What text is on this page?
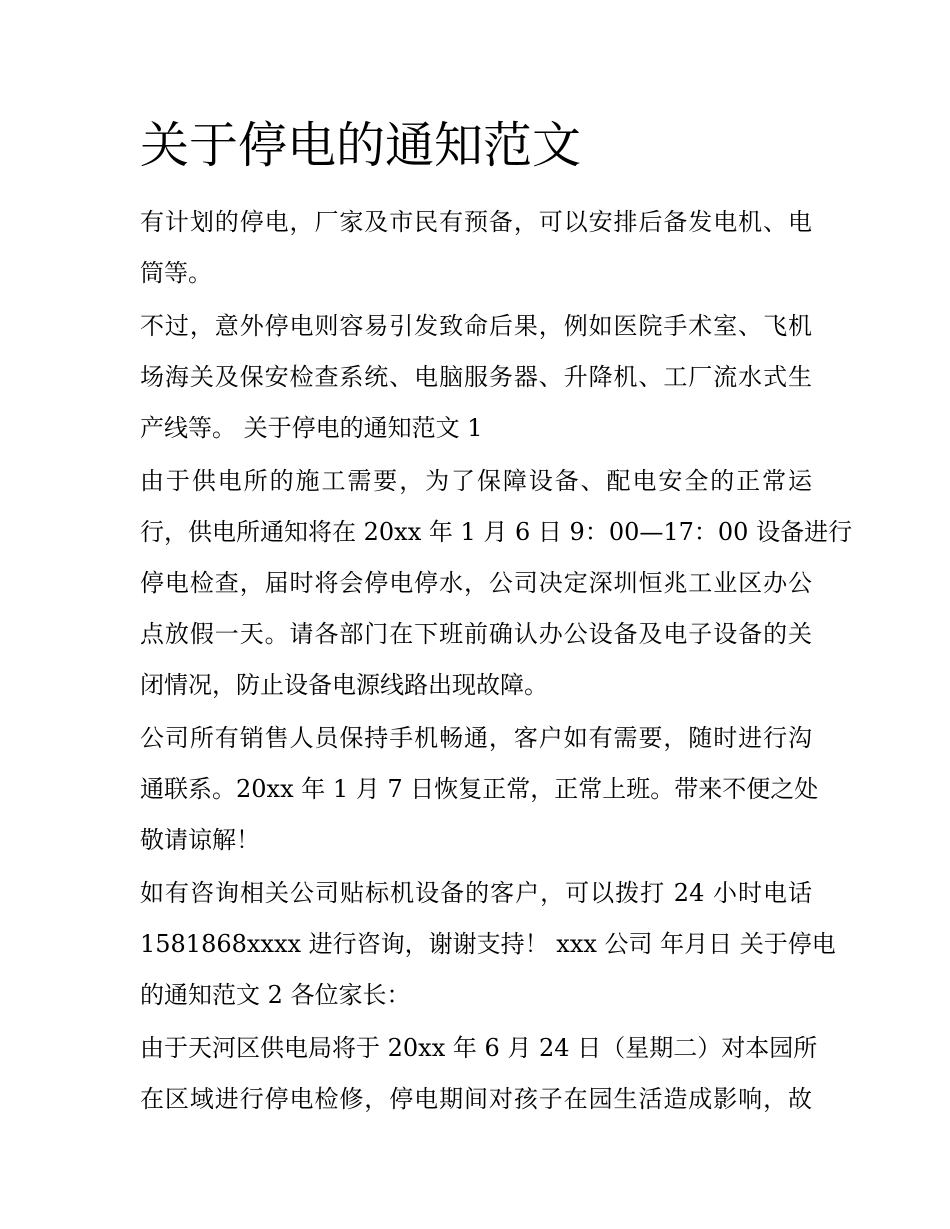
关于停电的通知范文

有计划的停电，厂家及市民有预备，可以安排后备发电机、电
筒等。

不过，意外停电则容易引发致命后果，例如医院手术室、飞机
场海关及保安检查系统、电脑服务器、升降机、工厂流水式生
产线等。 关于停电的通知范文 1

由于供电所的施工需要，为了保障设备、配电安全的正常运
行，供电所通知将在 20xx 年 1 月 6 日 9：00—17：00 设备进行
停电检查，届时将会停电停水，公司决定深圳恒兆工业区办公
点放假一天。请各部门在下班前确认办公设备及电子设备的关
闭情况，防止设备电源线路出现故障。

公司所有销售人员保持手机畅通，客户如有需要，随时进行沟
通联系。20xx 年 1 月 7 日恢复正常，正常上班。带来不便之处
敬请谅解！

如有咨询相关公司贴标机设备的客户，可以拨打 24 小时电话
1581868xxxx 进行咨询，谢谢支持！ xxx 公司 年月日 关于停电
的通知范文 2 各位家长：

由于天河区供电局将于 20xx 年 6 月 24 日（星期二）对本园所
在区域进行停电检修，停电期间对孩子在园生活造成影响，故
